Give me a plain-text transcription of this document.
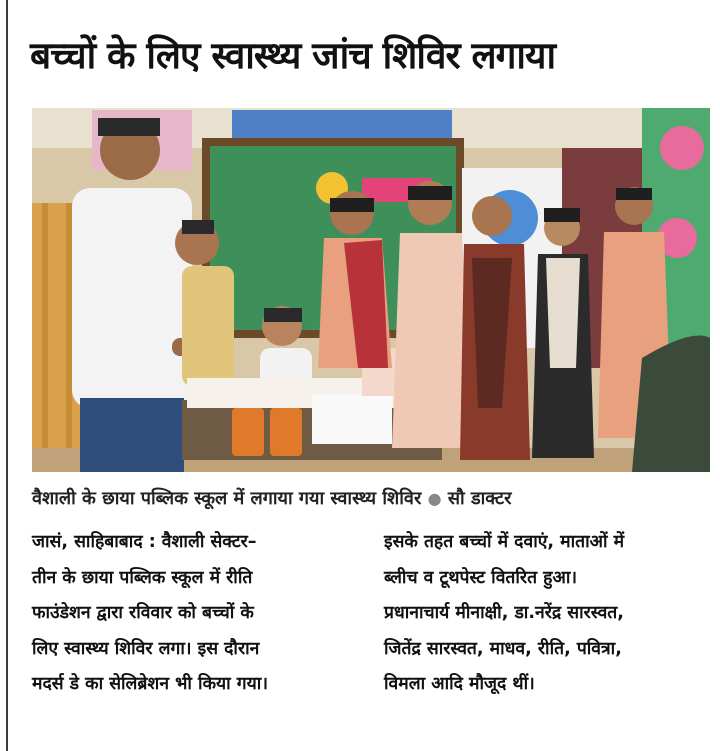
बच्चों के लिए स्वास्थ्य जांच शिविर लगाया
वैशाली के छाया पब्लिक स्कूल में लगाया गया स्वास्थ्य शिविर ● सौ डाक्टर

जासं, साहिबाबाद : वैशाली सेक्टर–

तीन के छाया पब्लिक स्कूल में रीति

फाउंडेशन द्वारा रविवार को बच्चों के

लिए स्वास्थ्य शिविर लगा। इस दौरान

मदर्स डे का सेलिब्रेशन भी किया गया।

इसके तहत बच्चों में दवाएं, माताओं में

ब्लीच व टूथपेस्ट वितरित हुआ।

प्रधानाचार्य मीनाक्षी, डा.नरेंद्र सारस्वत,

जितेंद्र सारस्वत, माधव, रीति, पवित्रा,

विमला आदि मौजूद थीं।
